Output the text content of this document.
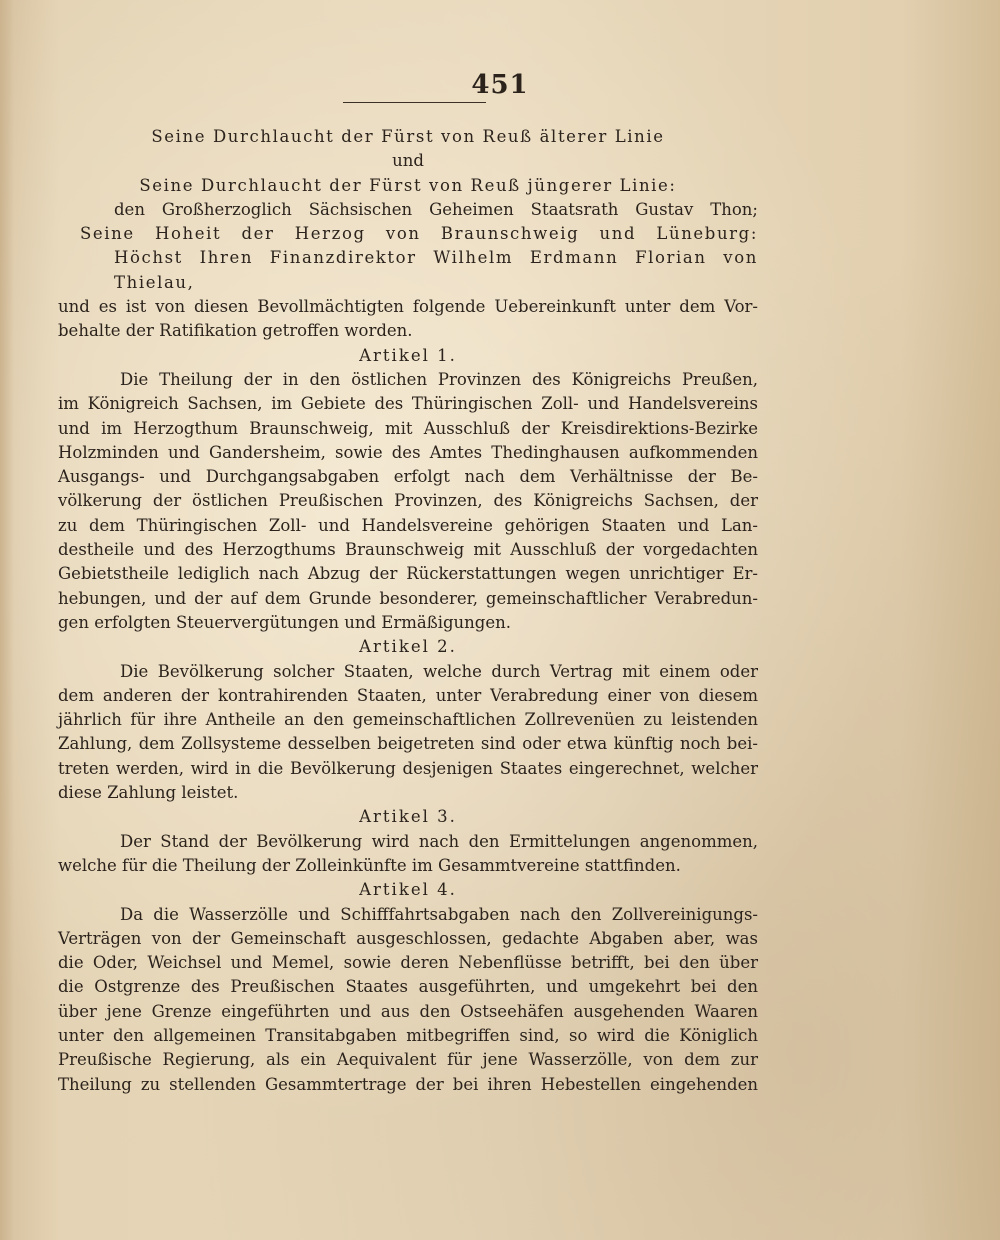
451
Seine Durchlaucht der Fürst von Reuß älterer Linie
und
Seine Durchlaucht der Fürst von Reuß jüngerer Linie:
den Großherzoglich Sächsischen Geheimen Staatsrath Gustav Thon;
Seine Hoheit der Herzog von Braunschweig und Lüneburg:
Höchst Ihren Finanzdirektor Wilhelm Erdmann Florian von
Thielau,
und es ist von diesen Bevollmächtigten folgende Uebereinkunft unter dem Vor-
behalte der Ratifikation getroffen worden.
Artikel 1.
Die Theilung der in den östlichen Provinzen des Königreichs Preußen,
im Königreich Sachsen, im Gebiete des Thüringischen Zoll- und Handelsvereins
und im Herzogthum Braunschweig, mit Ausschluß der Kreisdirektions-Bezirke
Holzminden und Gandersheim, sowie des Amtes Thedinghausen aufkommenden
Ausgangs- und Durchgangsabgaben erfolgt nach dem Verhältnisse der Be-
völkerung der östlichen Preußischen Provinzen, des Königreichs Sachsen, der
zu dem Thüringischen Zoll- und Handelsvereine gehörigen Staaten und Lan-
destheile und des Herzogthums Braunschweig mit Ausschluß der vorgedachten
Gebietstheile lediglich nach Abzug der Rückerstattungen wegen unrichtiger Er-
hebungen, und der auf dem Grunde besonderer, gemeinschaftlicher Verabredun-
gen erfolgten Steuervergütungen und Ermäßigungen.
Artikel 2.
Die Bevölkerung solcher Staaten, welche durch Vertrag mit einem oder
dem anderen der kontrahirenden Staaten, unter Verabredung einer von diesem
jährlich für ihre Antheile an den gemeinschaftlichen Zollrevenüen zu leistenden
Zahlung, dem Zollsysteme desselben beigetreten sind oder etwa künftig noch bei-
treten werden, wird in die Bevölkerung desjenigen Staates eingerechnet, welcher
diese Zahlung leistet.
Artikel 3.
Der Stand der Bevölkerung wird nach den Ermittelungen angenommen,
welche für die Theilung der Zolleinkünfte im Gesammtvereine stattfinden.
Artikel 4.
Da die Wasserzölle und Schifffahrtsabgaben nach den Zollvereinigungs-
Verträgen von der Gemeinschaft ausgeschlossen, gedachte Abgaben aber, was
die Oder, Weichsel und Memel, sowie deren Nebenflüsse betrifft, bei den über
die Ostgrenze des Preußischen Staates ausgeführten, und umgekehrt bei den
über jene Grenze eingeführten und aus den Ostseehäfen ausgehenden Waaren
unter den allgemeinen Transitabgaben mitbegriffen sind, so wird die Königlich
Preußische Regierung, als ein Aequivalent für jene Wasserzölle, von dem zur
Theilung zu stellenden Gesammtertrage der bei ihren Hebestellen eingehenden
